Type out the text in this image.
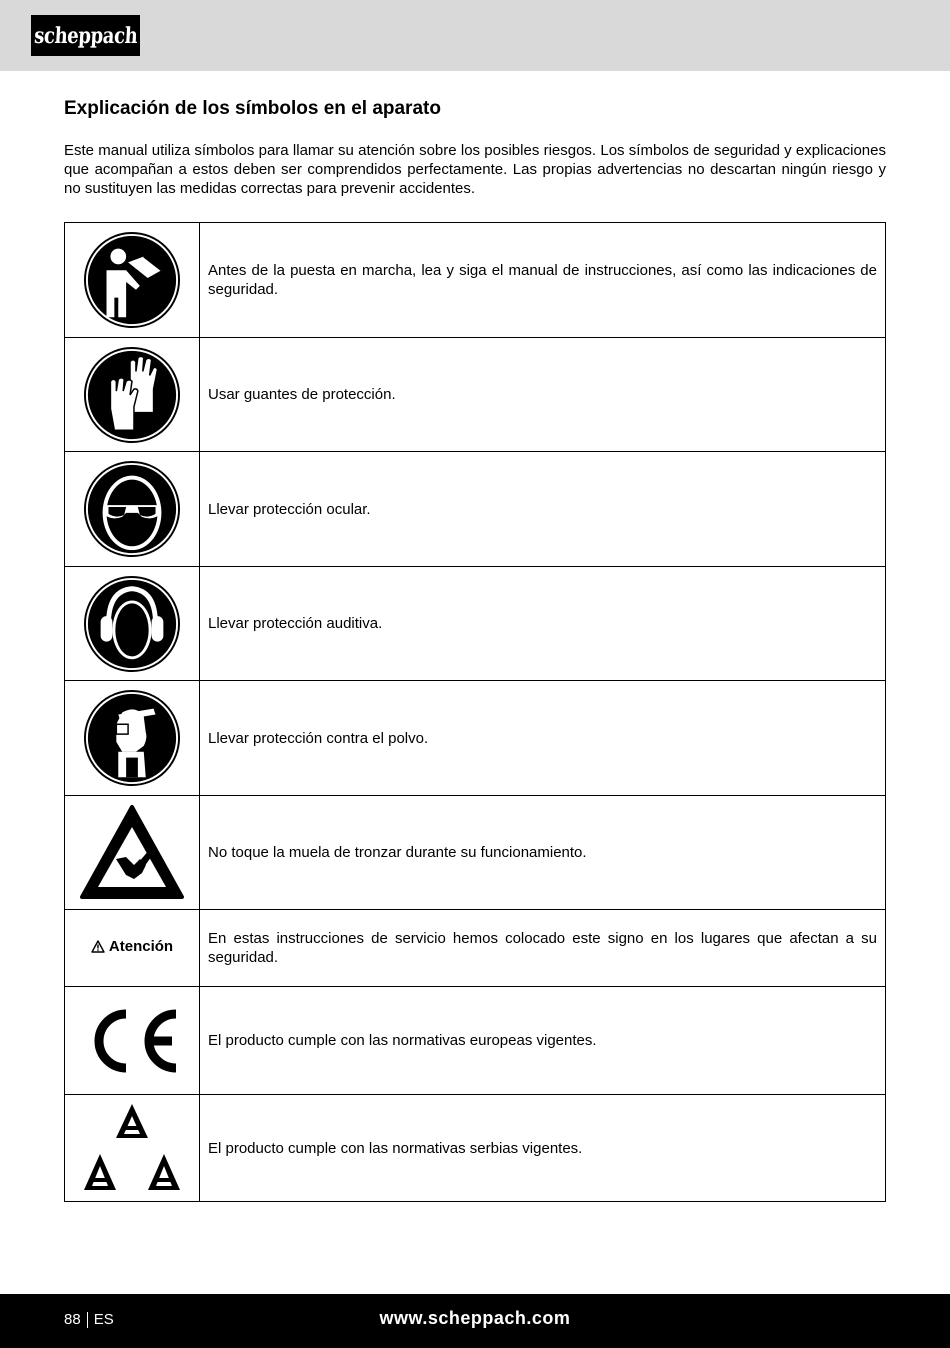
scheppach
Explicación de los símbolos en el aparato

Este manual utiliza símbolos para llamar su atención sobre los posibles riesgos. Los símbolos de seguridad y explicaciones que acompañan a estos deben ser comprendidos perfectamente. Las propias advertencias no descartan ningún riesgo y no sustituyen las medidas correctas para prevenir accidentes.

	Antes de la puesta en marcha, lea y siga el manual de instrucciones, así como las indicaciones de seguridad.

	Usar guantes de protección.

	Llevar protección ocular.

	Llevar protección auditiva.

	Llevar protección contra el polvo.

	No toque la muela de tronzar durante su funcionamiento.

Atención	En estas instrucciones de servicio hemos colocado este signo en los lugares que afectan a su seguridad.

	El producto cumple con las normativas europeas vigentes.

	El producto cumple con las normativas serbias vigentes.
88 ES	www.scheppach.com
